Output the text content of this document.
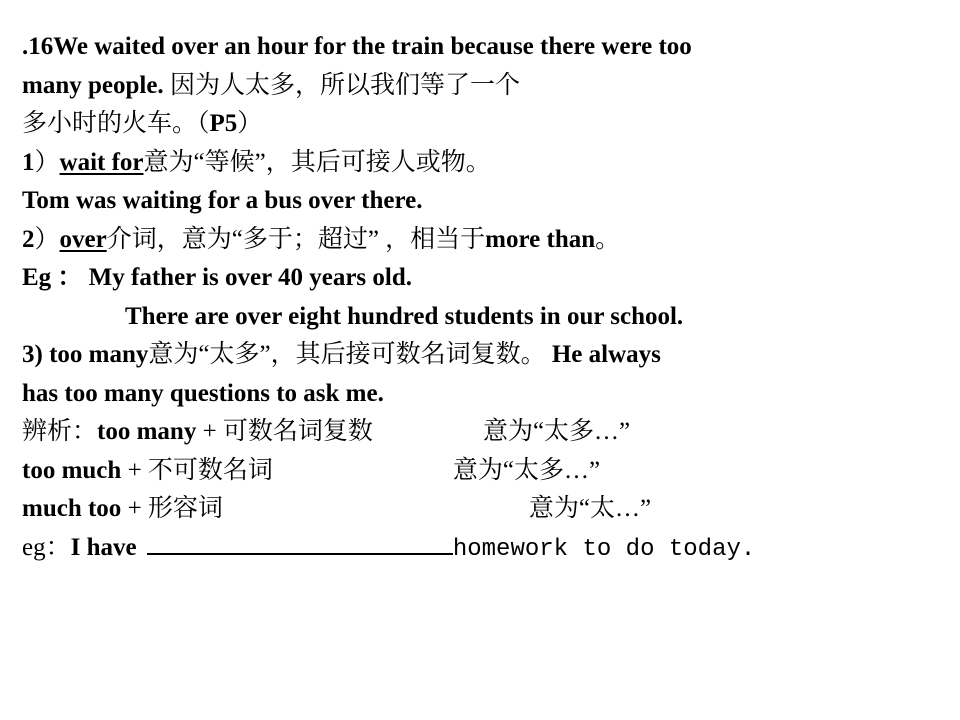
.16We waited over an hour for the train because there were too
many people. 因为人太多，所以我们等了一个
多小时的火车。（P5）
1）wait for意为“等候”，其后可接人或物。
Tom was waiting for a bus over there.
2）over介词，意为“多于；超过” ，相当于more than。
Eg ： My father is over 40 years old.
There are over eight hundred students in our school.
3) too many意为“太多”，其后接可数名词复数。 He always
has too many questions to ask me.
辨析：too many + 可数名词复数	意为“太多…”
too much + 不可数名词	意为“太多…”
much too + 形容词	意为“太…”
eg：I have	homework to do today.
